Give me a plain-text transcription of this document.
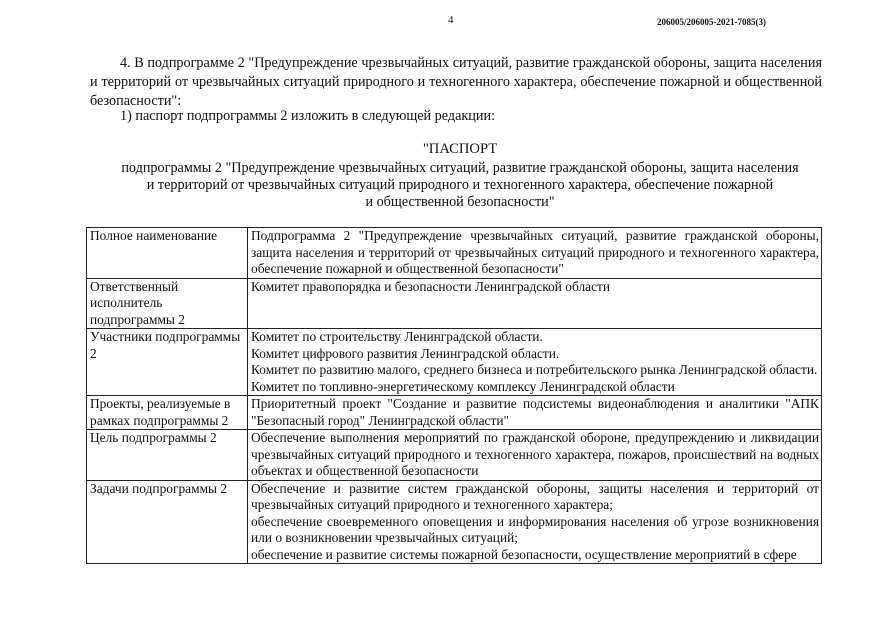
4	206005/206005-2021-7085(3)
4. В подпрограмме 2 "Предупреждение чрезвычайных ситуаций, развитие гражданской обороны, защита населения и территорий от чрезвычайных ситуаций природного и техногенного характера, обеспечение пожарной и общественной безопасности":
1) паспорт подпрограммы 2 изложить в следующей редакции:
"ПАСПОРТ
подпрограммы 2 "Предупреждение чрезвычайных ситуаций, развитие гражданской обороны, защита населения
и территорий от чрезвычайных ситуаций природного и техногенного характера, обеспечение пожарной
и общественной безопасности"
Полное наименование	Подпрограмма 2 "Предупреждение чрезвычайных ситуаций, развитие гражданской обороны, защита населения и территорий от чрезвычайных ситуаций природного и техногенного характера, обеспечение пожарной и общественной безопасности"

Ответственный исполнитель подпрограммы 2	Комитет правопорядка и безопасности Ленинградской области

Участники подпрограммы 2	Комитет по строительству Ленинградской области.
Комитет цифрового развития Ленинградской области.
Комитет по развитию малого, среднего бизнеса и потребительского рынка Ленинградской области.
Комитет по топливно-энергетическому комплексу Ленинградской области

Проекты, реализуемые в рамках подпрограммы 2	Приоритетный проект "Создание и развитие подсистемы видеонаблюдения и аналитики "АПК "Безопасный город" Ленинградской области"

Цель подпрограммы 2	Обеспечение выполнения мероприятий по гражданской обороне, предупреждению и ликвидации чрезвычайных ситуаций природного и техногенного характера, пожаров, происшествий на водных объектах и общественной безопасности

Задачи подпрограммы 2	Обеспечение и развитие систем гражданской обороны, защиты населения и территорий от чрезвычайных ситуаций природного и техногенного характера;
обеспечение своевременного оповещения и информирования населения об угрозе возникновения или о возникновении чрезвычайных ситуаций;
обеспечение и развитие системы пожарной безопасности, осуществление мероприятий в сфере
